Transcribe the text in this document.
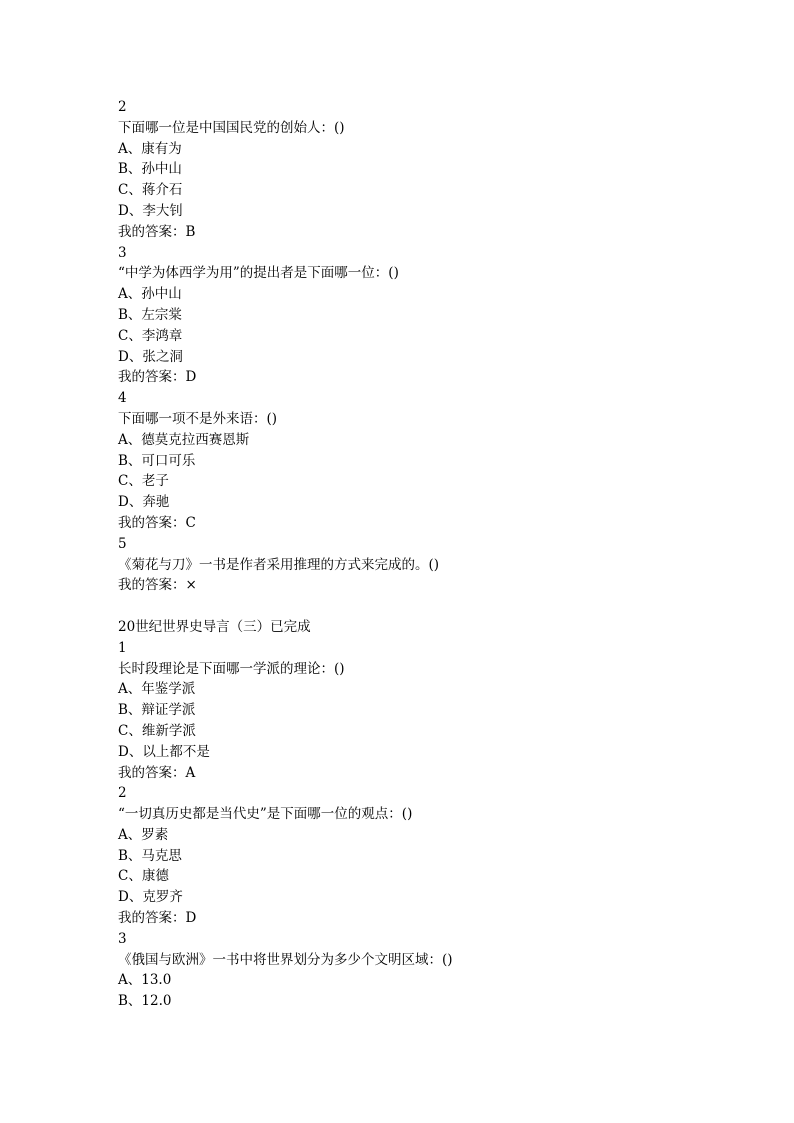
2
下面哪一位是中国国民党的创始人：()
A、康有为
B、孙中山
C、蒋介石
D、李大钊
我的答案：B
3
“中学为体西学为用”的提出者是下面哪一位：()
A、孙中山
B、左宗棠
C、李鸿章
D、张之洞
我的答案：D
4
下面哪一项不是外来语：()
A、德莫克拉西赛恩斯
B、可口可乐
C、老子
D、奔驰
我的答案：C
5
《菊花与刀》一书是作者采用推理的方式来完成的。()
我的答案：×
20世纪世界史导言（三）已完成
1
长时段理论是下面哪一学派的理论：()
A、年鉴学派
B、辩证学派
C、维新学派
D、以上都不是
我的答案：A
2
“一切真历史都是当代史”是下面哪一位的观点：()
A、罗素
B、马克思
C、康德
D、克罗齐
我的答案：D
3
《俄国与欧洲》一书中将世界划分为多少个文明区域：()
A、13.0
B、12.0
